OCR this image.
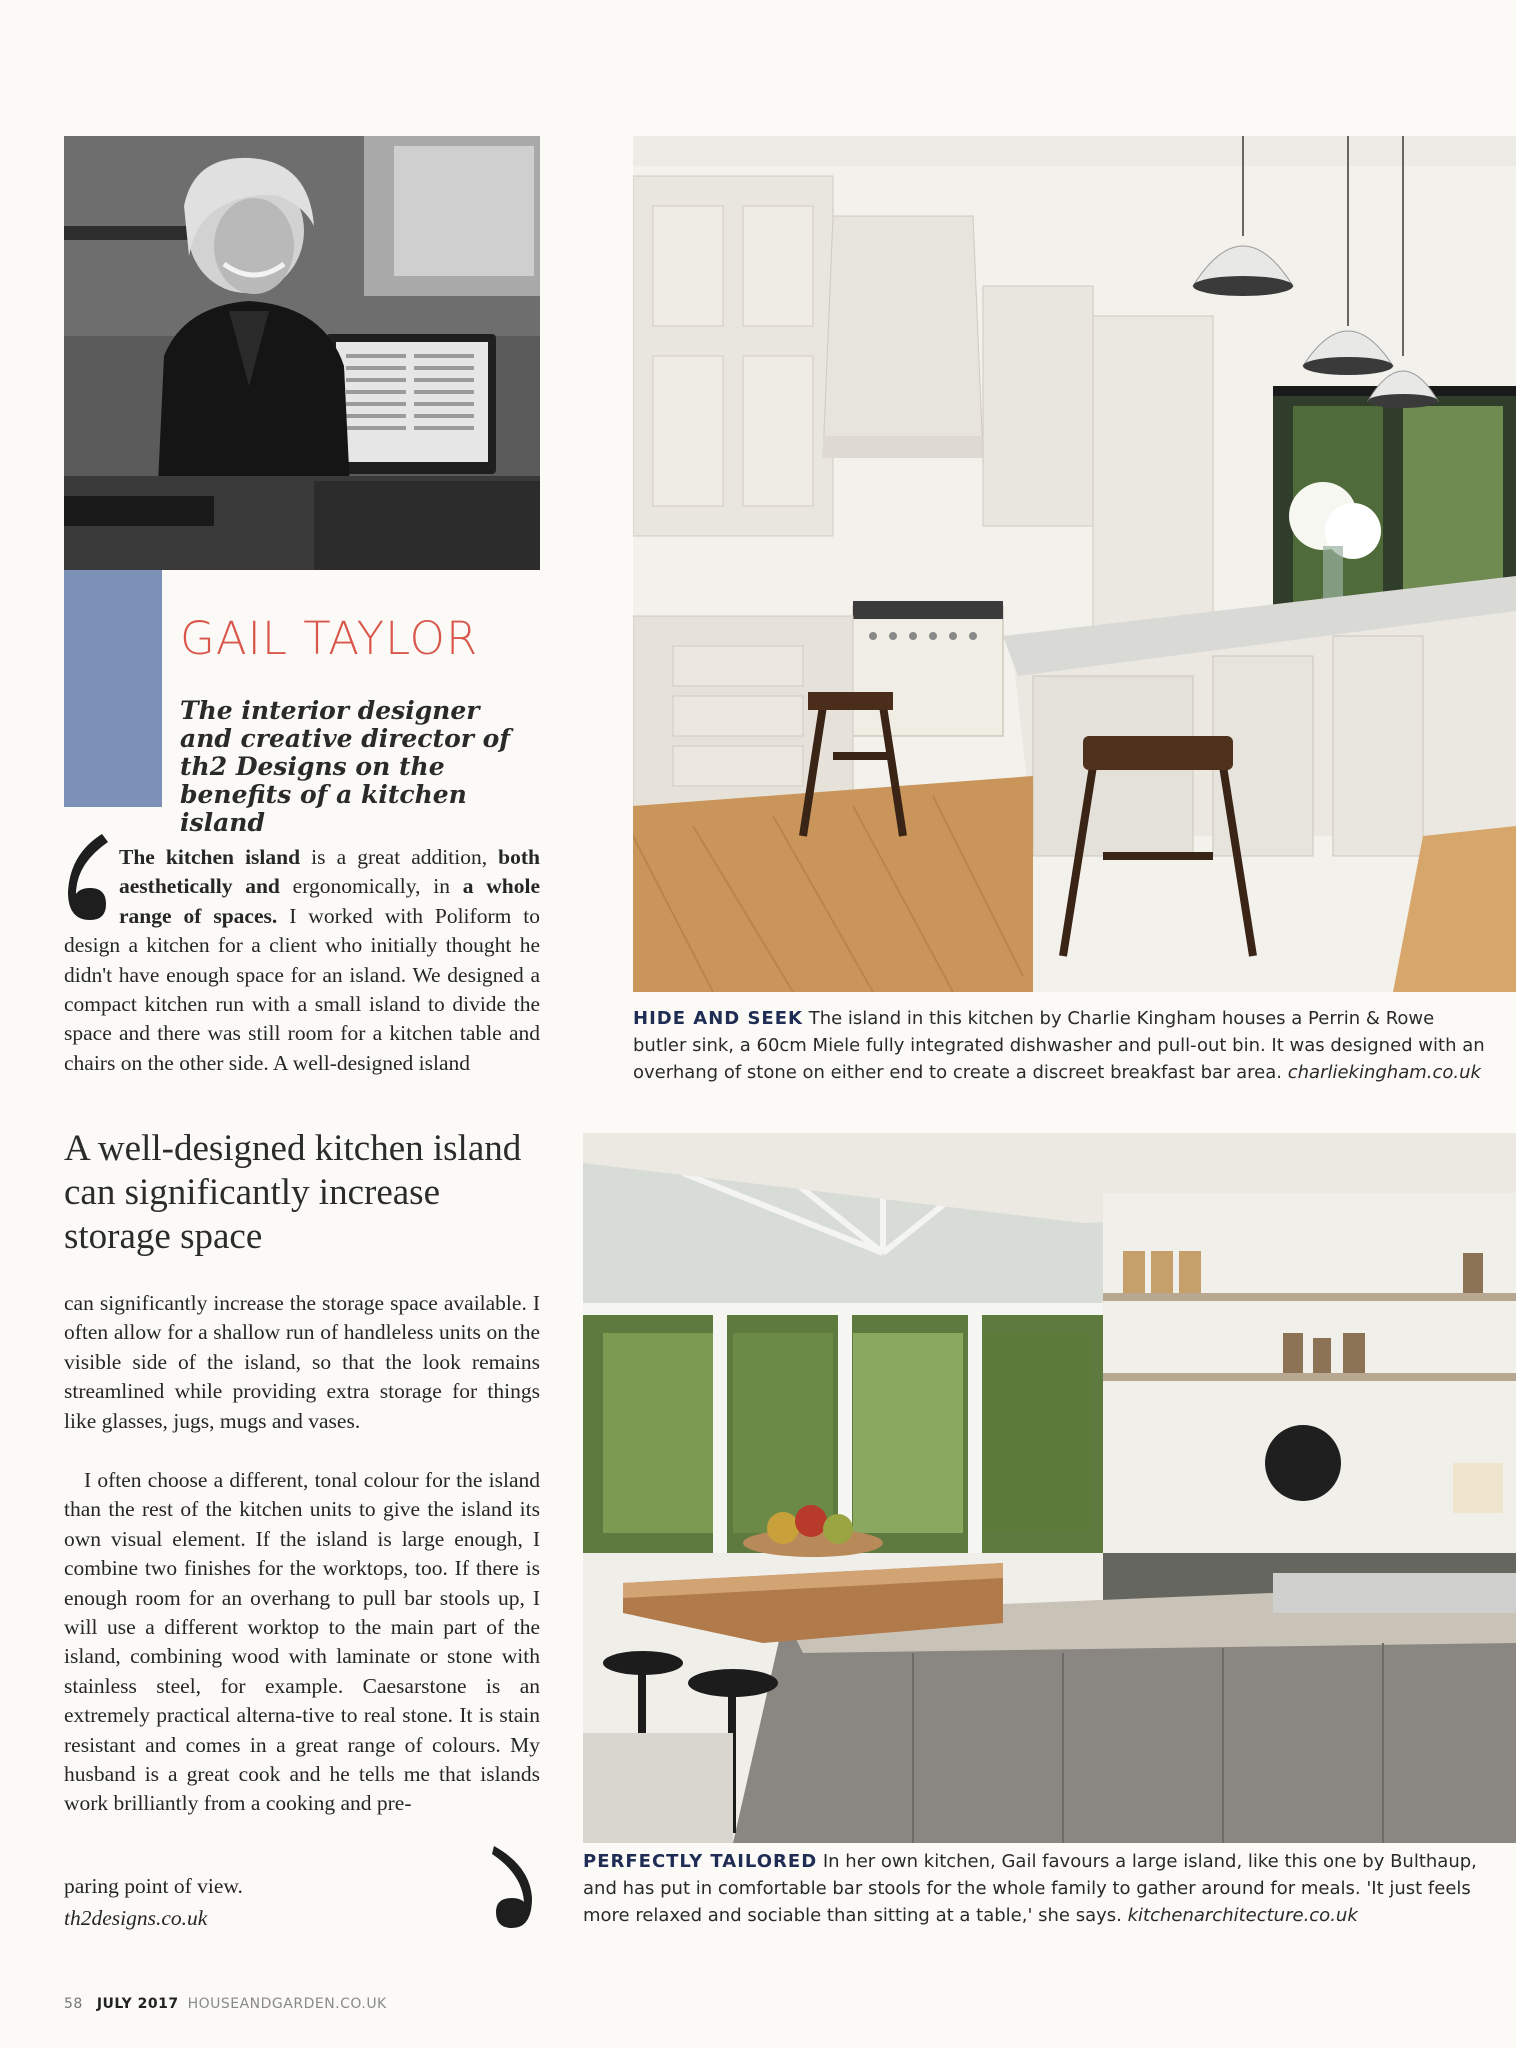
GAIL TAYLOR
The interior designer and creative director of th2 Designs on the benefits of a kitchen island
The kitchen island is a great addition, both aesthetically and ergonomically, in a whole range of spaces. I worked with Poliform to design a kitchen for a client who initially thought he didn't have enough space for an island. We designed a compact kitchen run with a small island to divide the space and there was still room for a kitchen table and chairs on the other side. A well-designed island
A well-designed kitchen island can significantly increase storage space
can significantly increase the storage space available. I often allow for a shallow run of handleless units on the visible side of the island, so that the look remains streamlined while providing extra storage for things like glasses, jugs, mugs and vases.
I often choose a different, tonal colour for the island than the rest of the kitchen units to give the island its own visual element. If the island is large enough, I combine two finishes for the worktops, too. If there is enough room for an overhang to pull bar stools up, I will use a different worktop to the main part of the island, combining wood with laminate or stone with stainless steel, for example. Caesarstone is an extremely practical alterna-tive to real stone. It is stain resistant and comes in a great range of colours. My husband is a great cook and he tells me that islands work brilliantly from a cooking and pre-
paring point of view.
th2designs.co.uk
HIDE AND SEEK The island in this kitchen by Charlie Kingham houses a Perrin & Rowe butler sink, a 60cm Miele fully integrated dishwasher and pull-out bin. It was designed with an overhang of stone on either end to create a discreet breakfast bar area. charliekingham.co.uk
PERFECTLY TAILORED In her own kitchen, Gail favours a large island, like this one by Bulthaup, and has put in comfortable bar stools for the whole family to gather around for meals. 'It just feels more relaxed and sociable than sitting at a table,' she says. kitchenarchitecture.co.uk
58 JULY 2017 HOUSEANDGARDEN.CO.UK
